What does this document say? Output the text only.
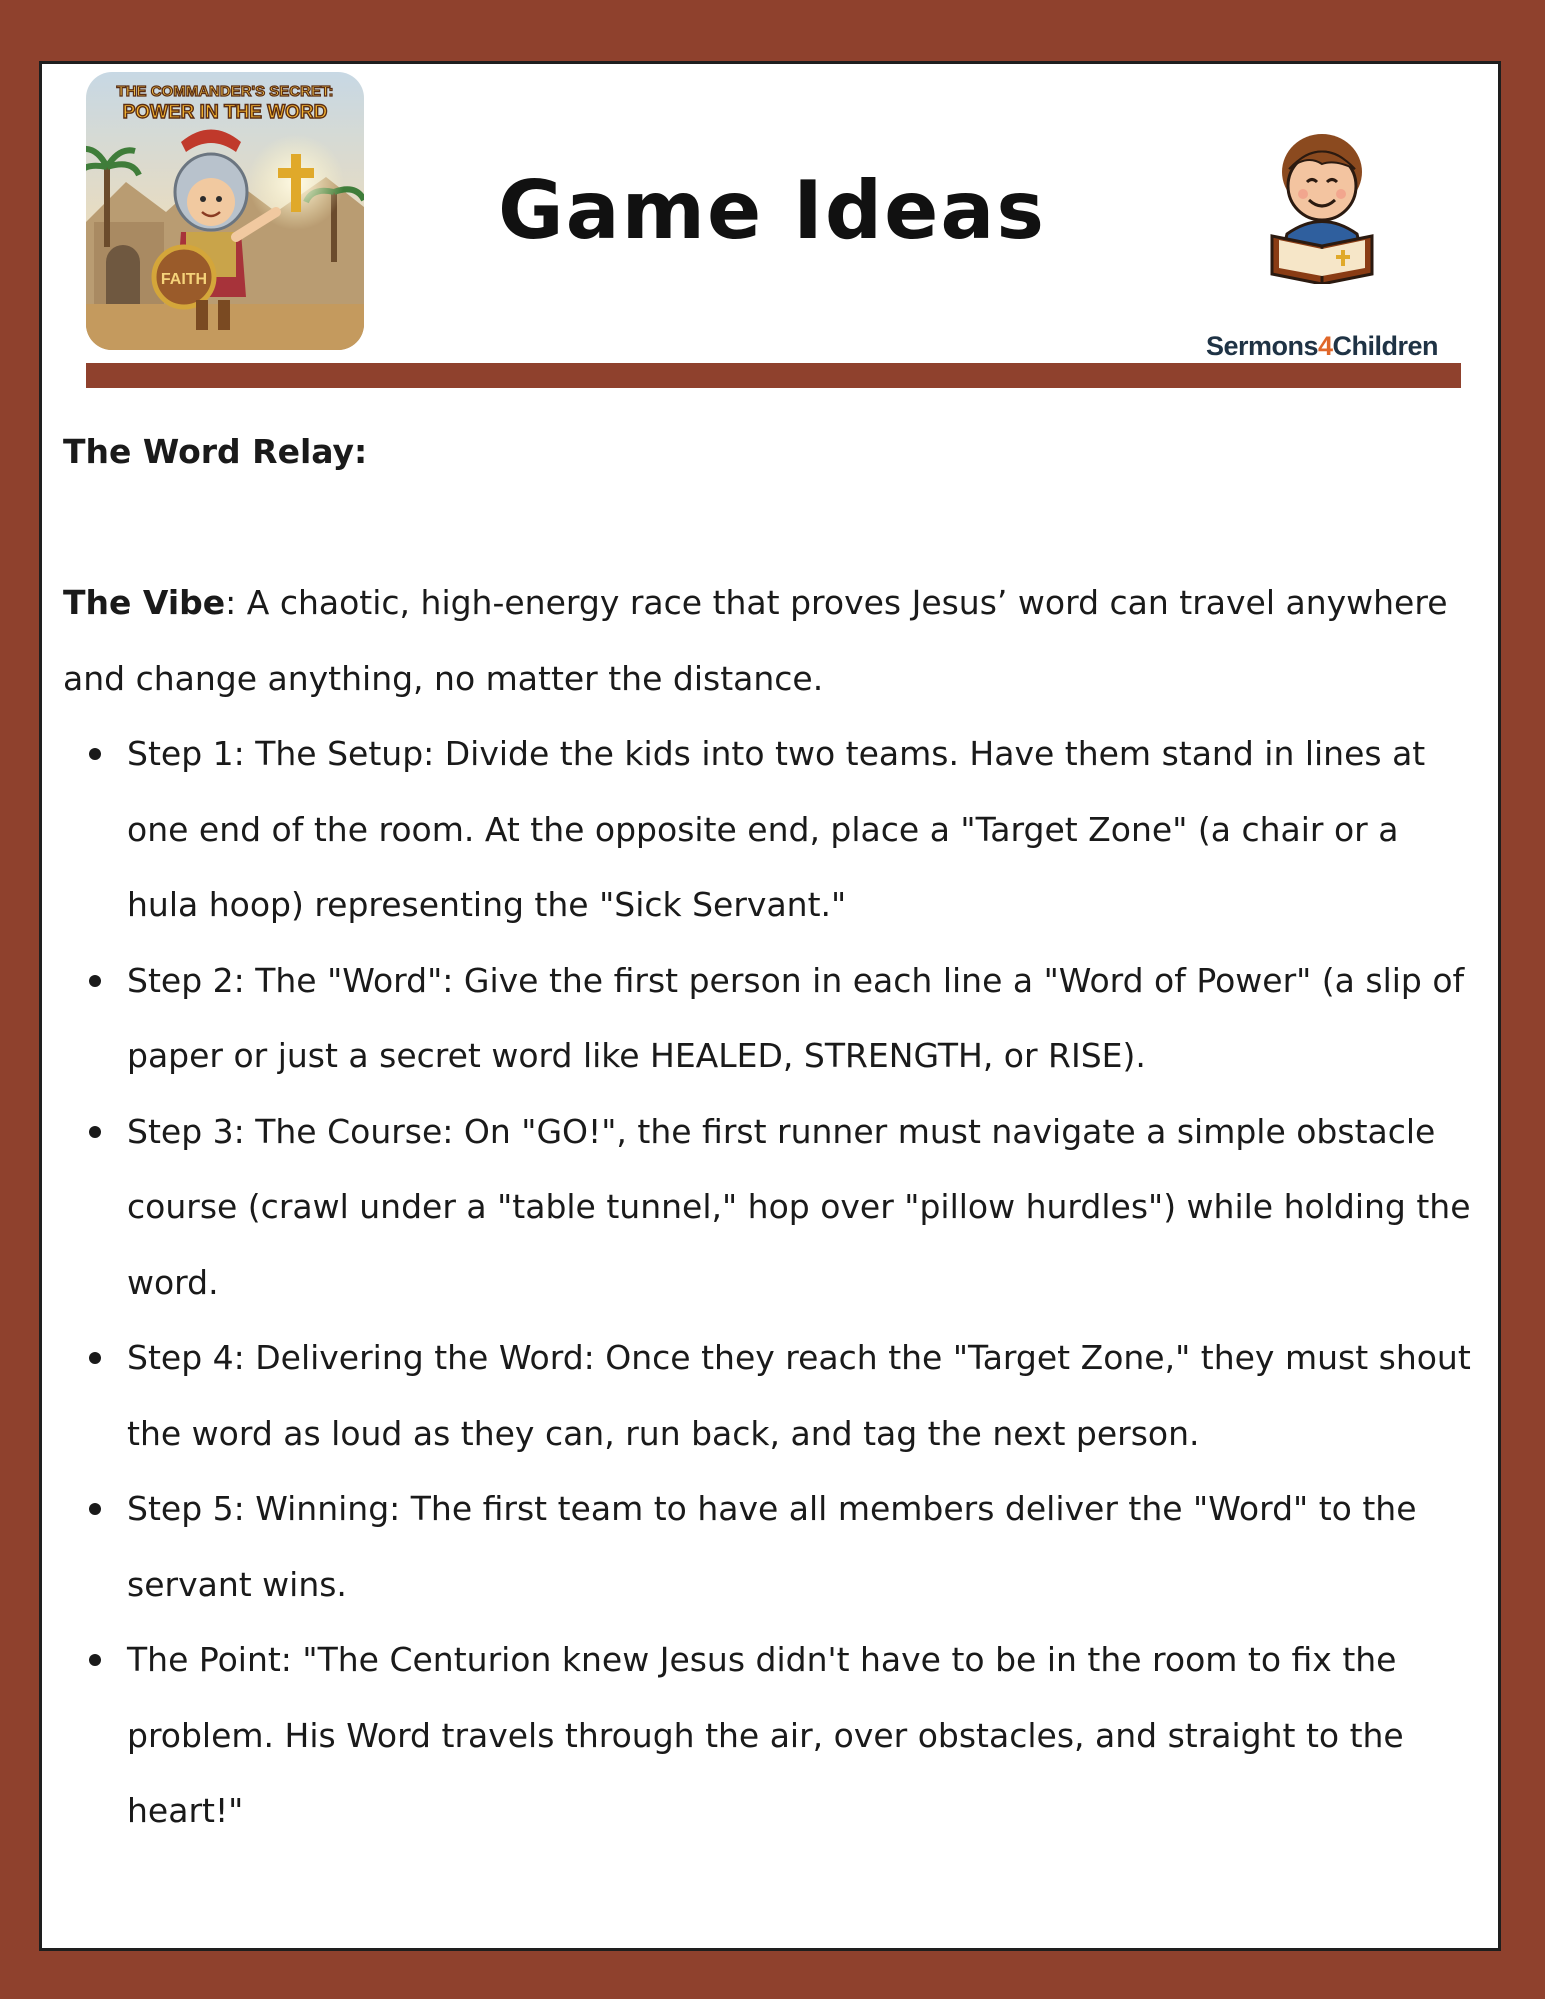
THE COMMANDER'S SECRET:
POWER IN THE WORD
FAITH
Game Ideas
Sermons4Children

The Word Relay:

The Vibe: A chaotic, high-energy race that proves Jesus’ word can travel anywhere and change anything, no matter the distance.

Step 1: The Setup: Divide the kids into two teams. Have them stand in lines at one end of the room. At the opposite end, place a "Target Zone" (a chair or a hula hoop) representing the "Sick Servant."
Step 2: The "Word": Give the first person in each line a "Word of Power" (a slip of paper or just a secret word like HEALED, STRENGTH, or RISE).
Step 3: The Course: On "GO!", the first runner must navigate a simple obstacle course (crawl under a "table tunnel," hop over "pillow hurdles") while holding the word.
Step 4: Delivering the Word: Once they reach the "Target Zone," they must shout the word as loud as they can, run back, and tag the next person.
Step 5: Winning: The first team to have all members deliver the "Word" to the servant wins.
The Point: "The Centurion knew Jesus didn't have to be in the room to fix the problem. His Word travels through the air, over obstacles, and straight to the heart!"
